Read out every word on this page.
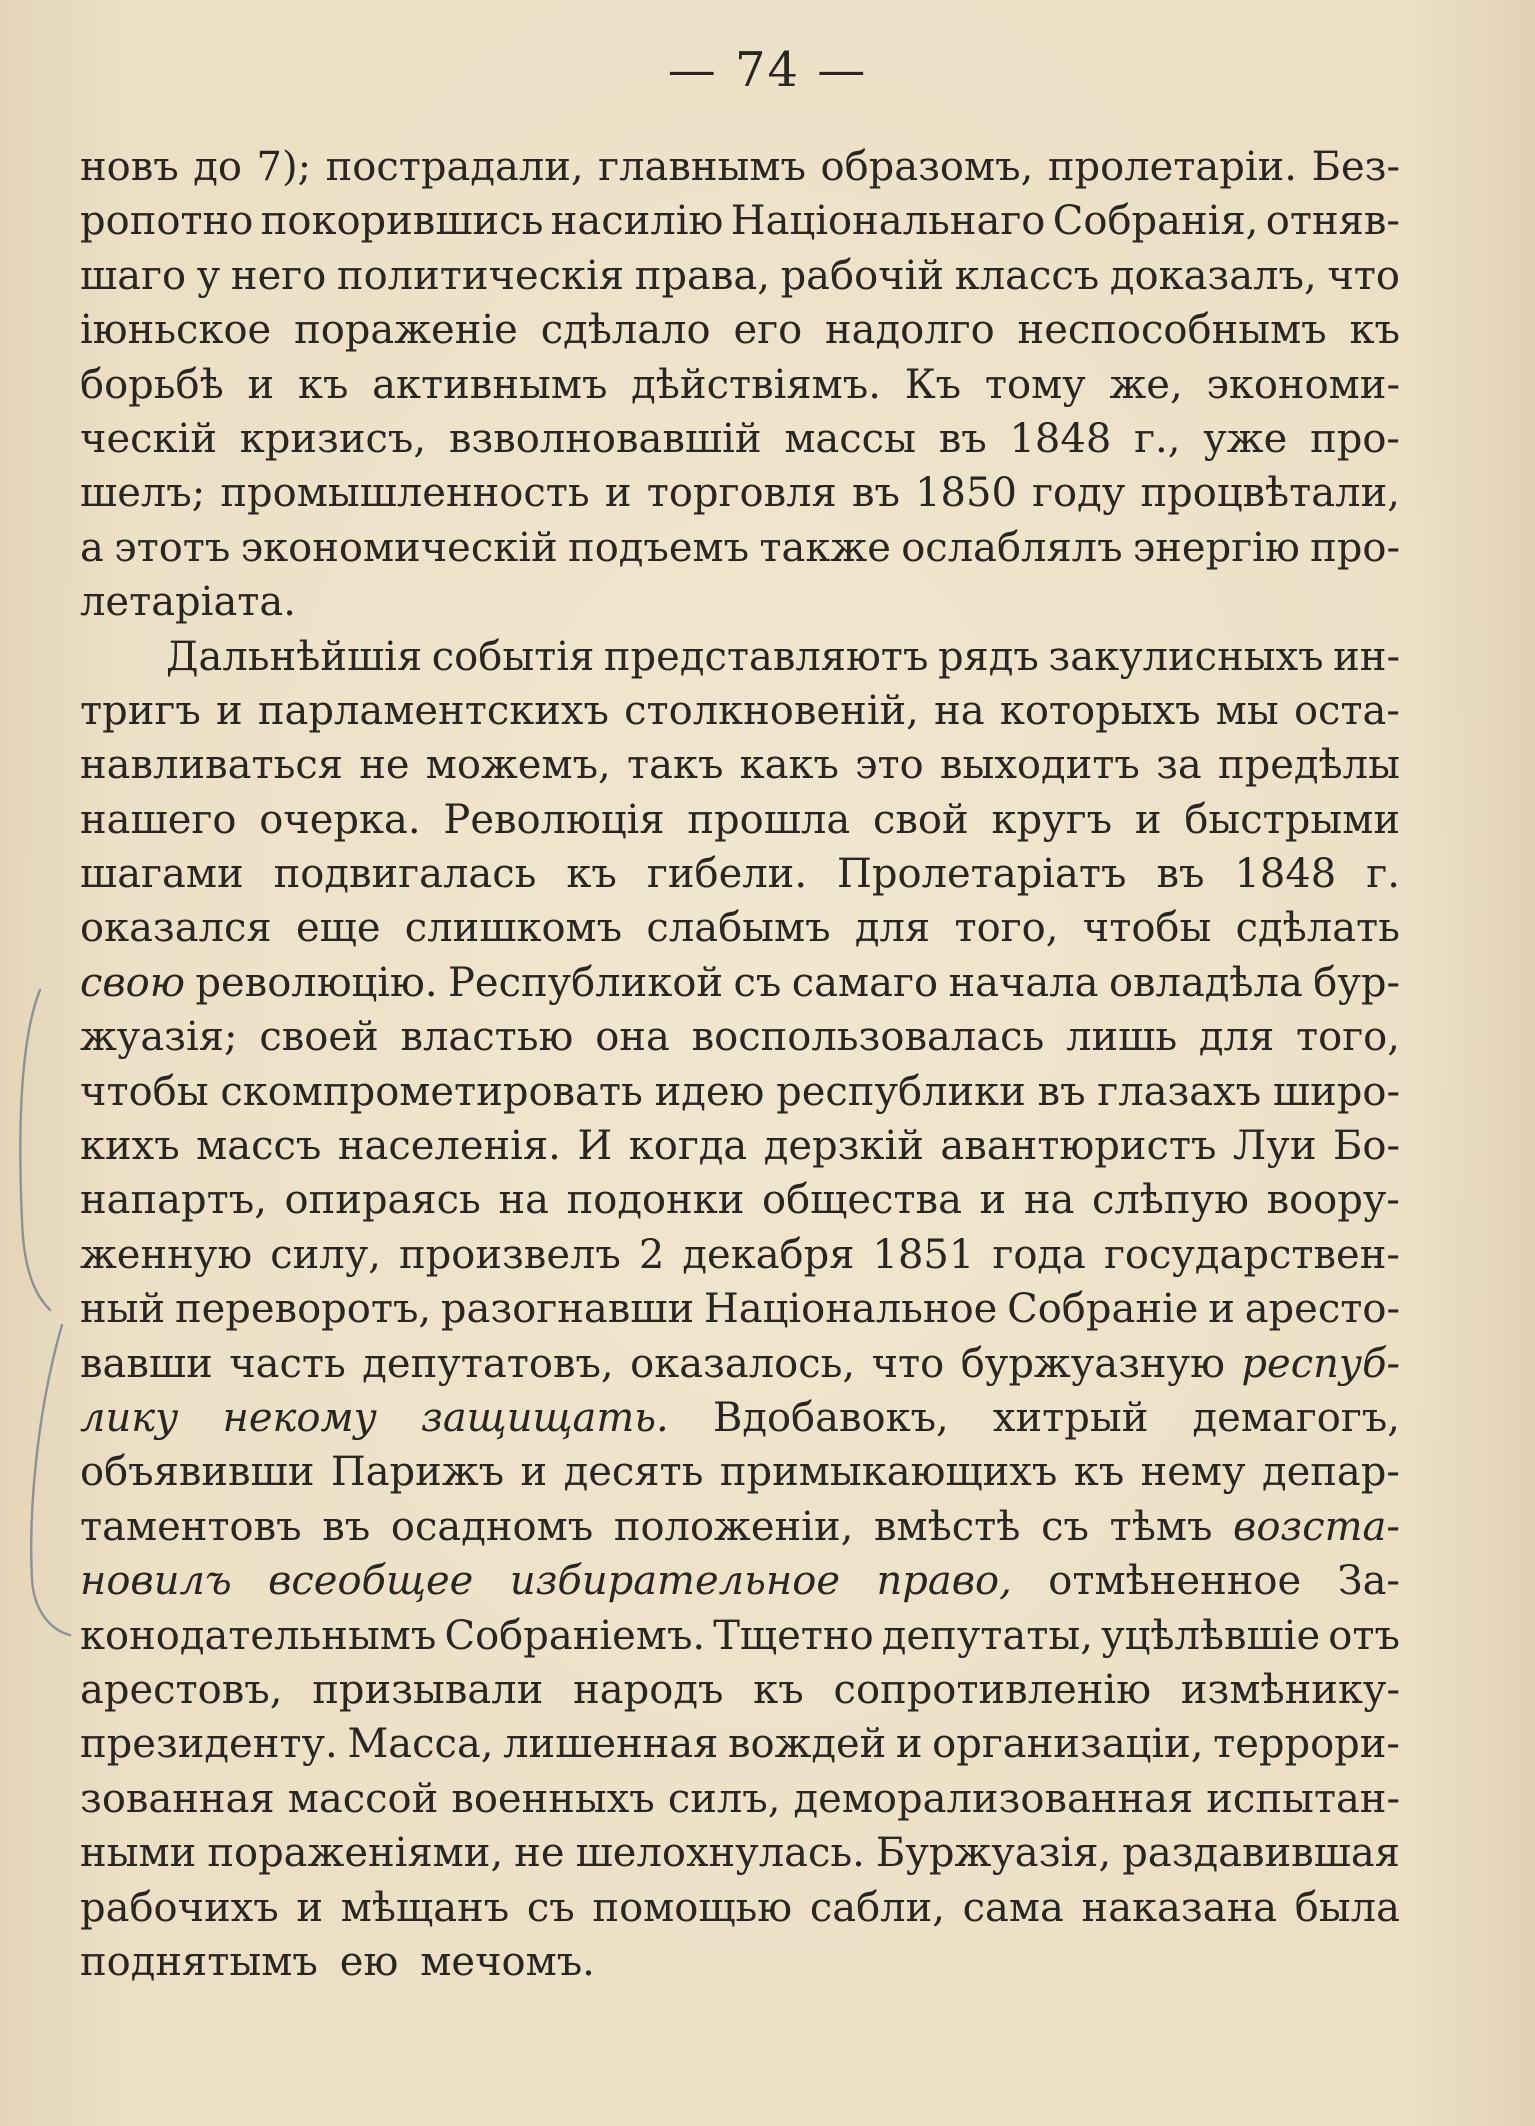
— 74 —
новъ до 7); пострадали, главнымъ образомъ, пролетаріи. Без-
ропотно покорившись насилію Національнаго Собранія, отняв-
шаго у него политическія права, рабочій классъ доказалъ, что
іюньское пораженіе сдѣлало его надолго неспособнымъ къ
борьбѣ и къ активнымъ дѣйствіямъ. Къ тому же, экономи-
ческій кризисъ, взволновавшій массы въ 1848 г., уже про-
шелъ; промышленность и торговля въ 1850 году процвѣтали,
а этотъ экономическій подъемъ также ослаблялъ энергію про-
летаріата.
Дальнѣйшія событія представляютъ рядъ закулисныхъ ин-
тригъ и парламентскихъ столкновеній, на которыхъ мы оста-
навливаться не можемъ, такъ какъ это выходитъ за предѣлы
нашего очерка. Революція прошла свой кругъ и быстрыми
шагами подвигалась къ гибели. Пролетаріатъ въ 1848 г.
оказался еще слишкомъ слабымъ для того, чтобы сдѣлать
свою революцію. Республикой съ самаго начала овладѣла бур-
жуазія; своей властью она воспользовалась лишь для того,
чтобы скомпрометировать идею республики въ глазахъ широ-
кихъ массъ населенія. И когда дерзкій авантюристъ Луи Бо-
напартъ, опираясь на подонки общества и на слѣпую воору-
женную силу, произвелъ 2 декабря 1851 года государствен-
ный переворотъ, разогнавши Національное Собраніе и аресто-
вавши часть депутатовъ, оказалось, что буржуазную респуб-
лику некому защищать. Вдобавокъ, хитрый демагогъ,
объявивши Парижъ и десять примыкающихъ къ нему депар-
таментовъ въ осадномъ положеніи, вмѣстѣ съ тѣмъ возста-
новилъ всеобщее избирательное право, отмѣненное За-
конодательнымъ Собраніемъ. Тщетно депутаты, уцѣлѣвшіе отъ
арестовъ, призывали народъ къ сопротивленію измѣнику-
президенту. Масса, лишенная вождей и организаціи, террори-
зованная массой военныхъ силъ, деморализованная испытан-
ными пораженіями, не шелохнулась. Буржуазія, раздавившая
рабочихъ и мѣщанъ съ помощью сабли, сама наказана была
поднятымъ ею мечомъ.
